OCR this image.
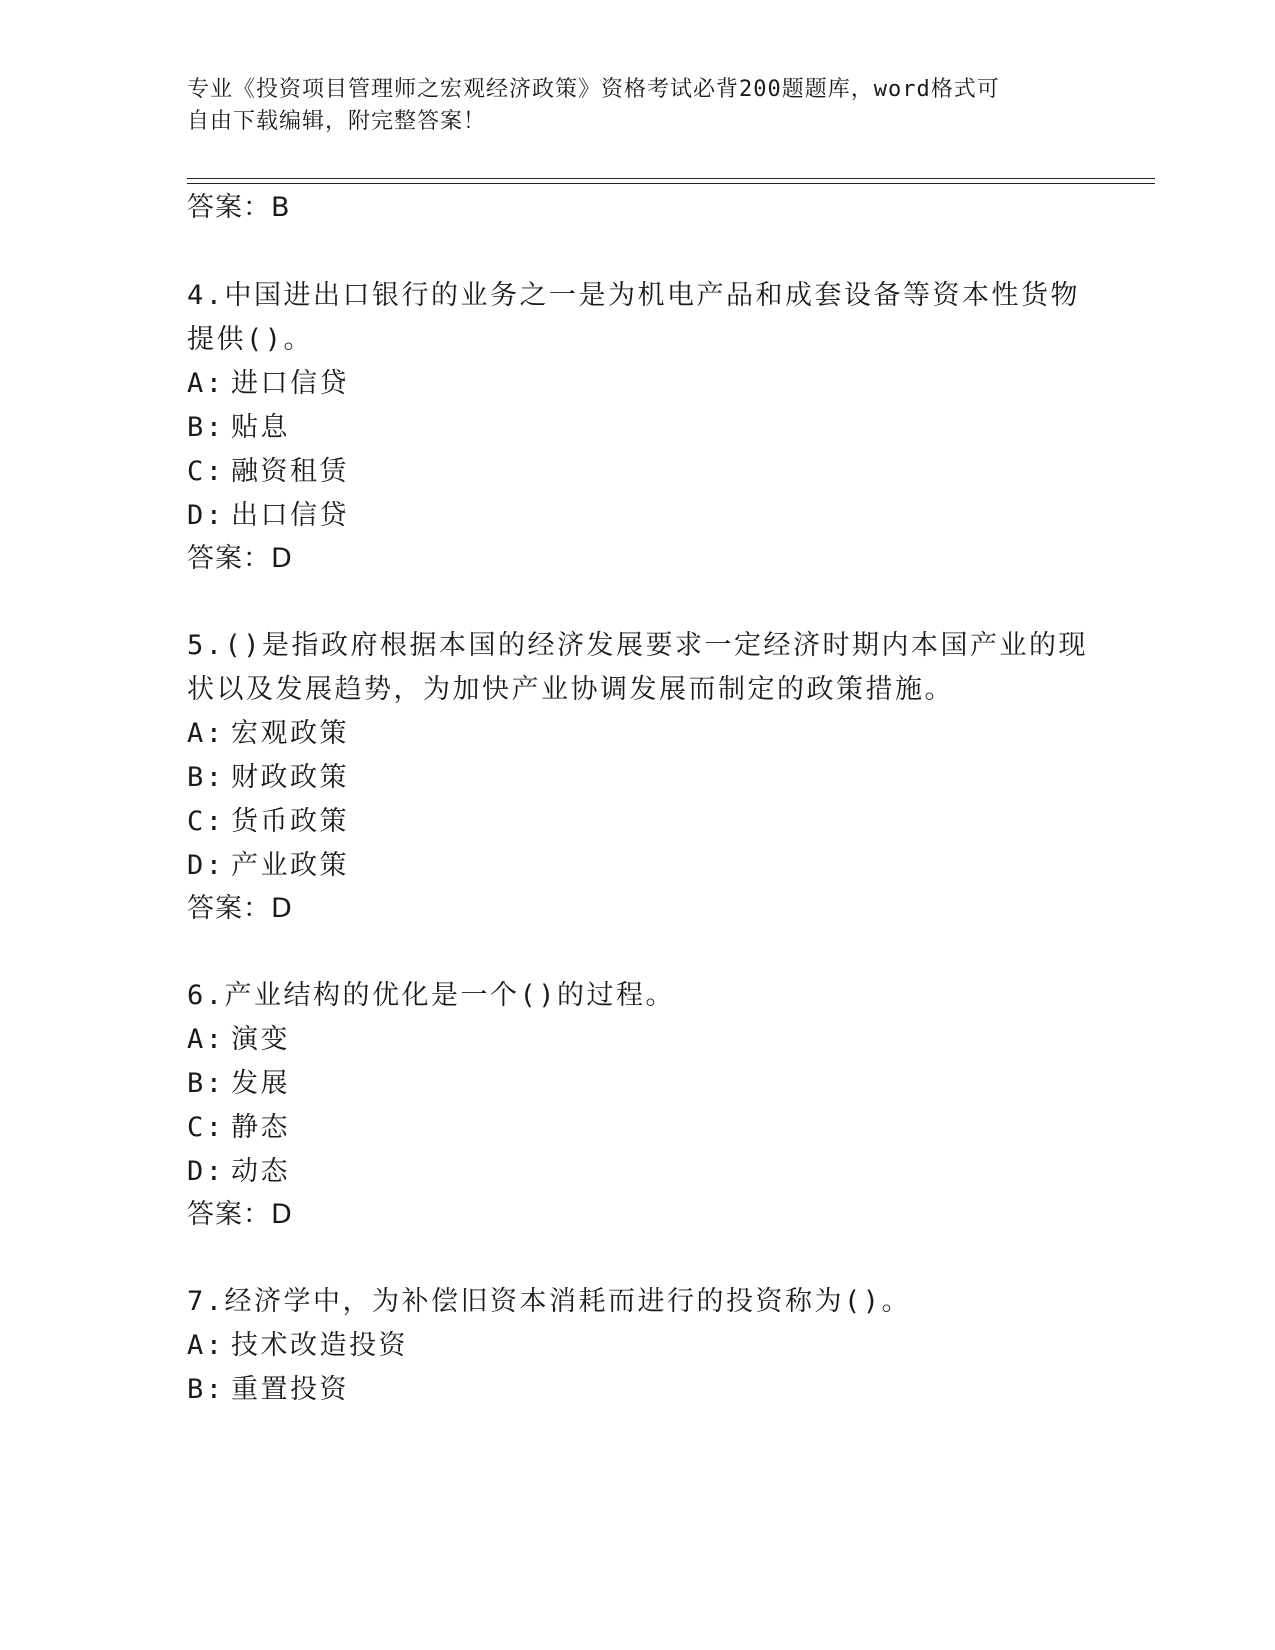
专业《投资项目管理师之宏观经济政策》资格考试必背200题题库，word格式可
自由下载编辑，附完整答案！
答案：B
4.中国进出口银行的业务之一是为机电产品和成套设备等资本性货物
提供()。
A: 进口信贷
B: 贴息
C: 融资租赁
D: 出口信贷
答案：D
5.()是指政府根据本国的经济发展要求一定经济时期内本国产业的现
状以及发展趋势，为加快产业协调发展而制定的政策措施。
A: 宏观政策
B: 财政政策
C: 货币政策
D: 产业政策
答案：D
6.产业结构的优化是一个()的过程。
A: 演变
B: 发展
C: 静态
D: 动态
答案：D
7.经济学中，为补偿旧资本消耗而进行的投资称为()。
A: 技术改造投资
B: 重置投资
